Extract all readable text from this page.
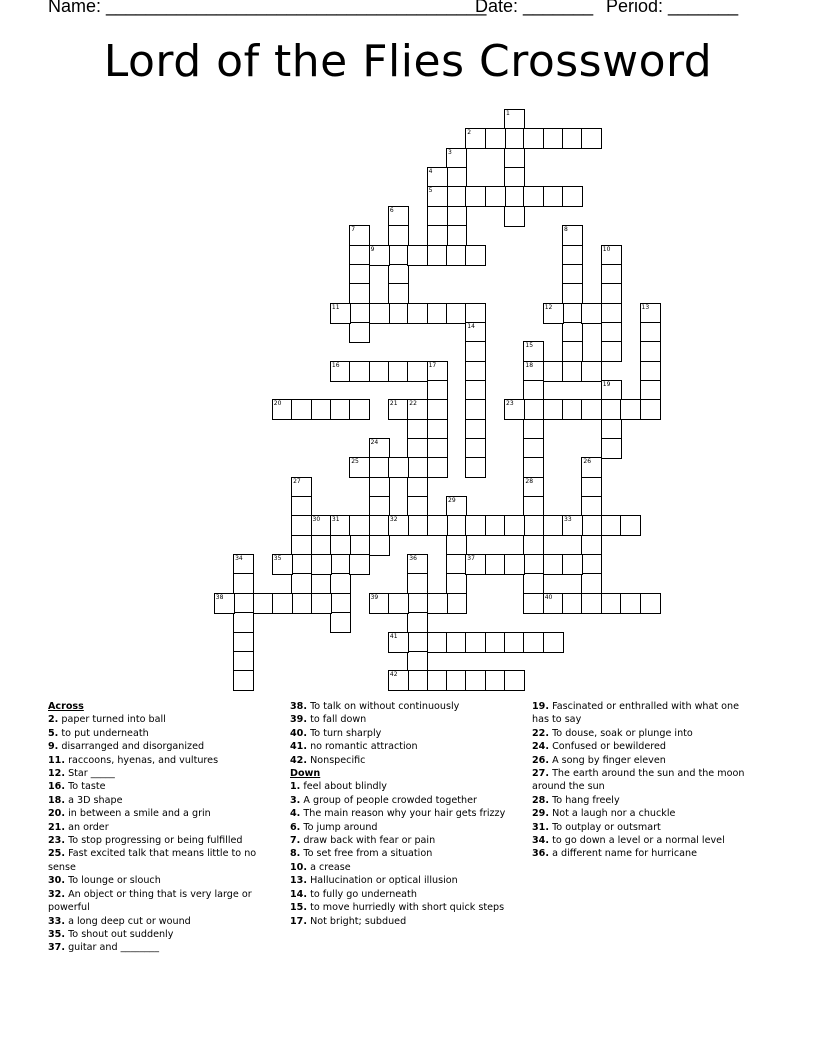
Name: ______________________________________
Date: _______ Period: _______
Lord of the Flies Crossword
1
2
3
4
5
6
7	8
9	10
11	12	13
14
15
16	17	18
19
20	21 22	23
24
25	26
27	28
29
30 31	32	33
34	35	36	37
38	39	40
41
42
Across
2. paper turned into ball
5. to put underneath
9. disarranged and disorganized
11. raccoons, hyenas, and vultures
12. Star _____
16. To taste
18. a 3D shape
20. in between a smile and a grin
21. an order
23. To stop progressing or being fulfilled
25. Fast excited talk that means little to no sense
30. To lounge or slouch
32. An object or thing that is very large or powerful
33. a long deep cut or wound
35. To shout out suddenly
37. guitar and ________
38. To talk on without continuously
39. to fall down
40. To turn sharply
41. no romantic attraction
42. Nonspecific
Down
1. feel about blindly
3. A group of people crowded together
4. The main reason why your hair gets frizzy
6. To jump around
7. draw back with fear or pain
8. To set free from a situation
10. a crease
13. Hallucination or optical illusion
14. to fully go underneath
15. to move hurriedly with short quick steps
17. Not bright; subdued
19. Fascinated or enthralled with what one has to say
22. To douse, soak or plunge into
24. Confused or bewildered
26. A song by finger eleven
27. The earth around the sun and the moon around the sun
28. To hang freely
29. Not a laugh nor a chuckle
31. To outplay or outsmart
34. to go down a level or a normal level
36. a different name for hurricane
